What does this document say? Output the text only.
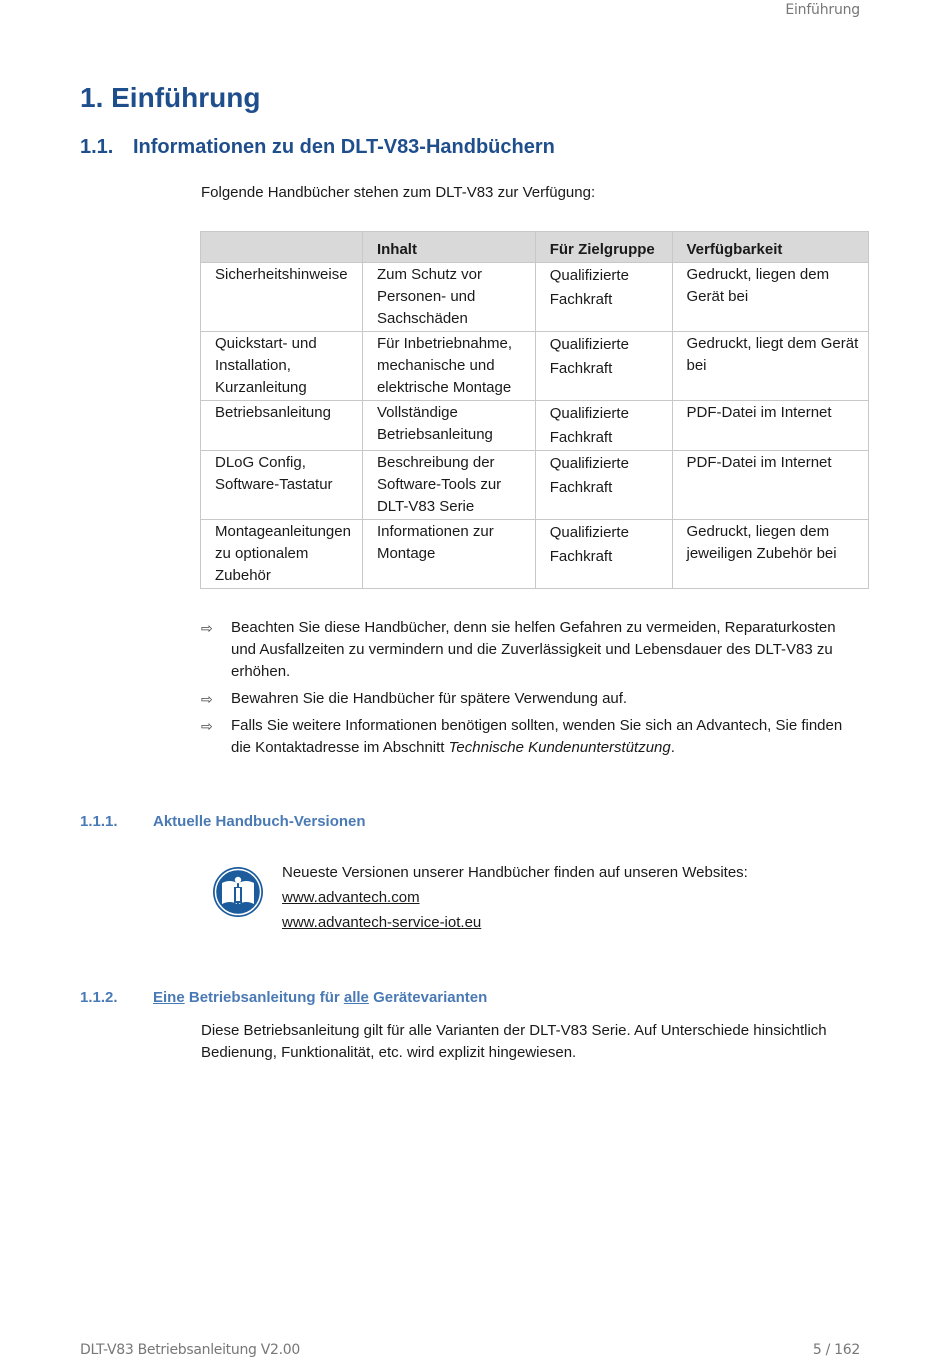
Einführung
1. Einführung
1.1. Informationen zu den DLT-V83-Handbüchern
Folgende Handbücher stehen zum DLT-V83 zur Verfügung:
	Inhalt	Für Zielgruppe	Verfügbarkeit
Sicherheitshinweise	Zum Schutz vor Personen- und Sachschäden	Qualifizierte Fachkraft	Gedruckt, liegen dem Gerät bei
Quickstart- und Installation, Kurzanleitung	Für Inbetriebnahme, mechanische und elektrische Montage	Qualifizierte Fachkraft	Gedruckt, liegt dem Gerät bei
Betriebsanleitung	Vollständige Betriebsanleitung	Qualifizierte Fachkraft	PDF-Datei im Internet
DLoG Config, Software-Tastatur	Beschreibung der Software-Tools zur DLT-V83 Serie	Qualifizierte Fachkraft	PDF-Datei im Internet
Montageanleitungen zu optionalem Zubehör	Informationen zur Montage	Qualifizierte Fachkraft	Gedruckt, liegen dem jeweiligen Zubehör bei
⇨	Beachten Sie diese Handbücher, denn sie helfen Gefahren zu vermeiden, Reparaturkosten und Ausfallzeiten zu vermindern und die Zuverlässigkeit und Lebensdauer des DLT-V83 zu erhöhen.
⇨	Bewahren Sie die Handbücher für spätere Verwendung auf.
⇨	Falls Sie weitere Informationen benötigen sollten, wenden Sie sich an Advantech, Sie finden die Kontaktadresse im Abschnitt Technische Kundenunterstützung.
1.1.1. Aktuelle Handbuch-Versionen
Neueste Versionen unserer Handbücher finden auf unseren Websites:
www.advantech.com
www.advantech-service-iot.eu
1.1.2. Eine Betriebsanleitung für alle Gerätevarianten
Diese Betriebsanleitung gilt für alle Varianten der DLT-V83 Serie. Auf Unterschiede hinsichtlich Bedienung, Funktionalität, etc. wird explizit hingewiesen.
DLT-V83 Betriebsanleitung V2.00	5 / 162
